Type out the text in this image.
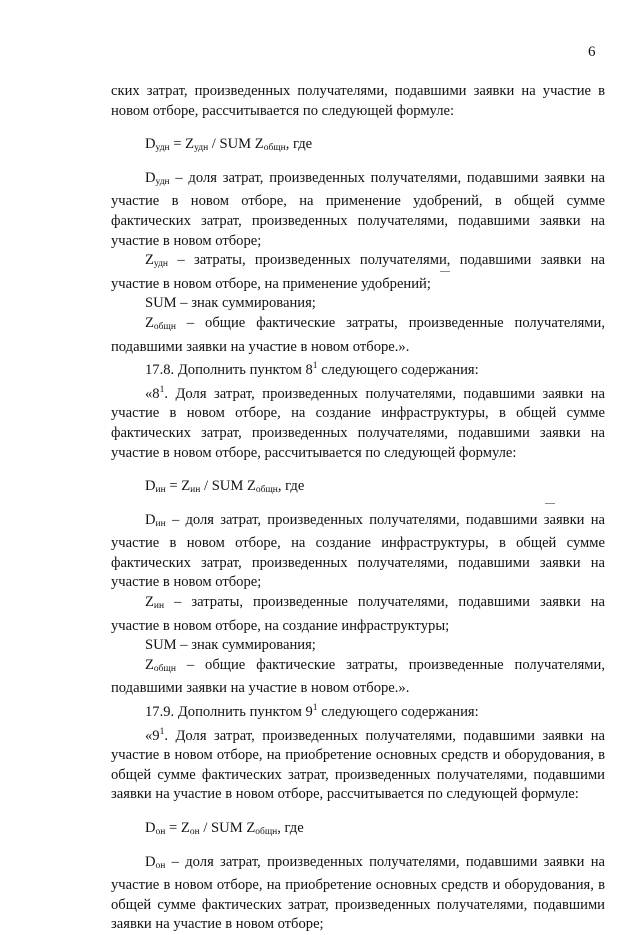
6

ских затрат, произведенных получателями, подавшими заявки на участие в новом отборе, рассчитывается по следующей формуле:

$D_{удн} = Z_{удн}$ / SUM $Z_{общн}$, где

$D_{удн}$ – доля затрат, произведенных получателями, подавшими заявки на участие в новом отборе, на применение удобрений, в общей сумме фактических затрат, произведенных получателями, подавшими заявки на участие в новом отборе;

$Z_{удн}$ – затраты, произведенных получателями, подавшими заявки на участие в новом отборе, на применение удобрений;

SUM – знак суммирования;

$Z_{общн}$ – общие фактические затраты, произведенные получателями, подавшими заявки на участие в новом отборе.».

17.8. Дополнить пунктом $8^1$ следующего содержания:

«$8^1$. Доля затрат, произведенных получателями, подавшими заявки на участие в новом отборе, на создание инфраструктуры, в общей сумме фактических затрат, произведенных получателями, подавшими заявки на участие в новом отборе, рассчитывается по следующей формуле:

$D_{ин} = Z_{ин}$ / SUM $Z_{общн}$, где

$D_{ин}$ – доля затрат, произведенных получателями, подавшими заявки на участие в новом отборе, на создание инфраструктуры, в общей сумме фактических затрат, произведенных получателями, подавшими заявки на участие в новом отборе;

$Z_{ин}$ – затраты, произведенные получателями, подавшими заявки на участие в новом отборе, на создание инфраструктуры;

SUM – знак суммирования;

$Z_{общн}$ – общие фактические затраты, произведенные получателями, подавшими заявки на участие в новом отборе.».

17.9. Дополнить пунктом $9^1$ следующего содержания:

«$9^1$. Доля затрат, произведенных получателями, подавшими заявки на участие в новом отборе, на приобретение основных средств и оборудования, в общей сумме фактических затрат, произведенных получателями, подавшими заявки на участие в новом отборе, рассчитывается по следующей формуле:

$D_{он} = Z_{он}$ / SUM $Z_{общн}$, где

$D_{он}$ – доля затрат, произведенных получателями, подавшими заявки на участие в новом отборе, на приобретение основных средств и оборудования, в общей сумме фактических затрат, произведенных получателями, подавшими заявки на участие в новом отборе;
